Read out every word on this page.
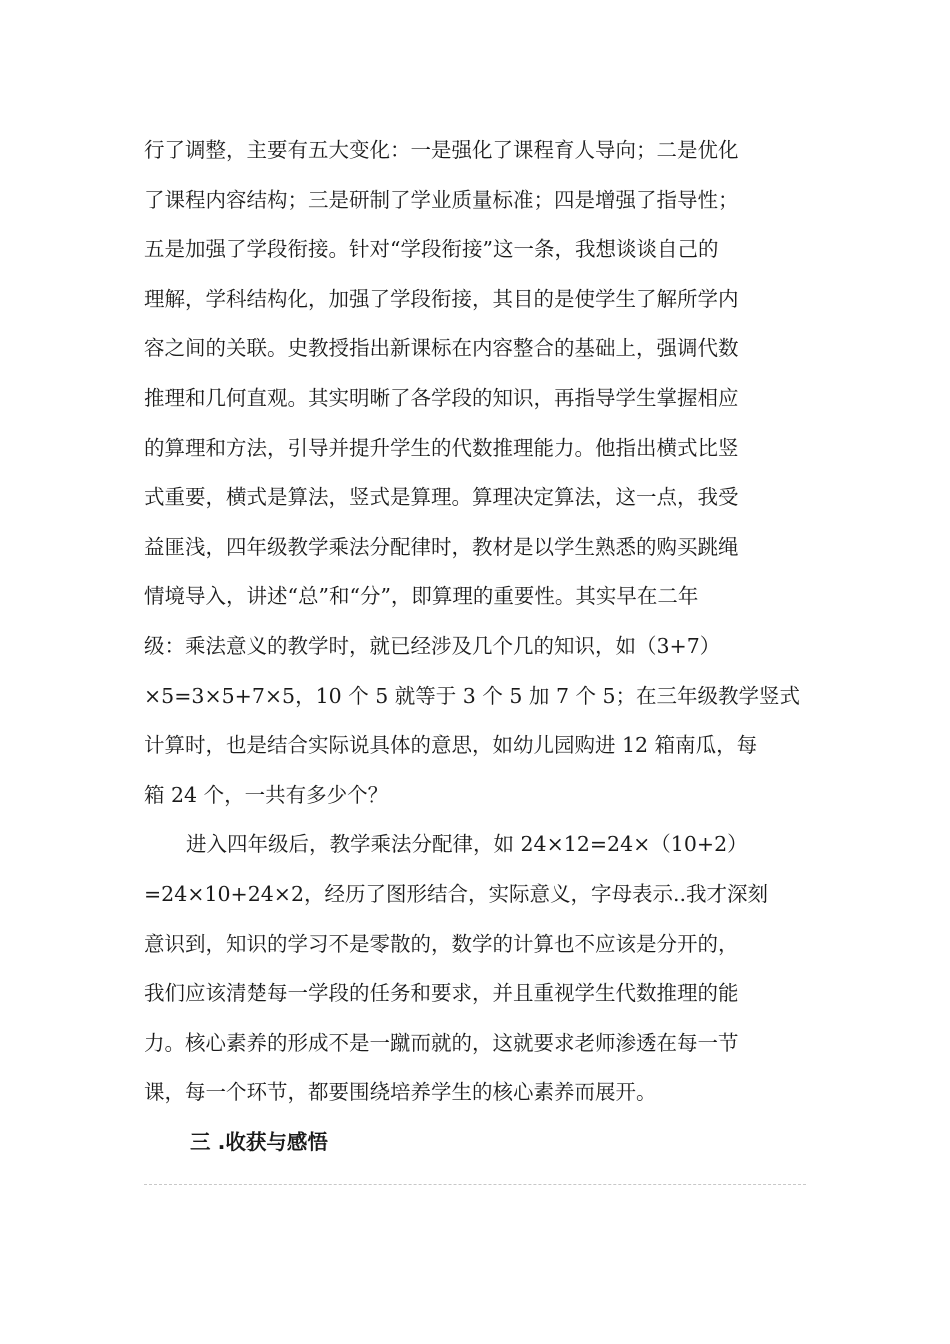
行了调整，主要有五大变化：一是强化了课程育人导向；二是优化
了课程内容结构；三是研制了学业质量标准；四是增强了指导性；
五是加强了学段衔接。针对“学段衔接”这一条，我想谈谈自己的
理解，学科结构化，加强了学段衔接，其目的是使学生了解所学内
容之间的关联。史教授指出新课标在内容整合的基础上，强调代数
推理和几何直观。其实明晰了各学段的知识，再指导学生掌握相应
的算理和方法，引导并提升学生的代数推理能力。他指出横式比竖
式重要，横式是算法，竖式是算理。算理决定算法，这一点，我受
益匪浅，四年级教学乘法分配律时，教材是以学生熟悉的购买跳绳
情境导入，讲述“总”和“分”，即算理的重要性。其实早在二年
级：乘法意义的教学时，就已经涉及几个几的知识，如（3+7）
×5=3×5+7×5，10 个 5 就等于 3 个 5 加 7 个 5；在三年级教学竖式
计算时，也是结合实际说具体的意思，如幼儿园购进 12 箱南瓜，每
箱 24 个，一共有多少个？
进入四年级后，教学乘法分配律，如 24×12=24×（10+2）
=24×10+24×2，经历了图形结合，实际意义，字母表示..我才深刻
意识到，知识的学习不是零散的，数学的计算也不应该是分开的，
我们应该清楚每一学段的任务和要求，并且重视学生代数推理的能
力。核心素养的形成不是一蹴而就的，这就要求老师渗透在每一节
课，每一个环节，都要围绕培养学生的核心素养而展开。
三 .收获与感悟
